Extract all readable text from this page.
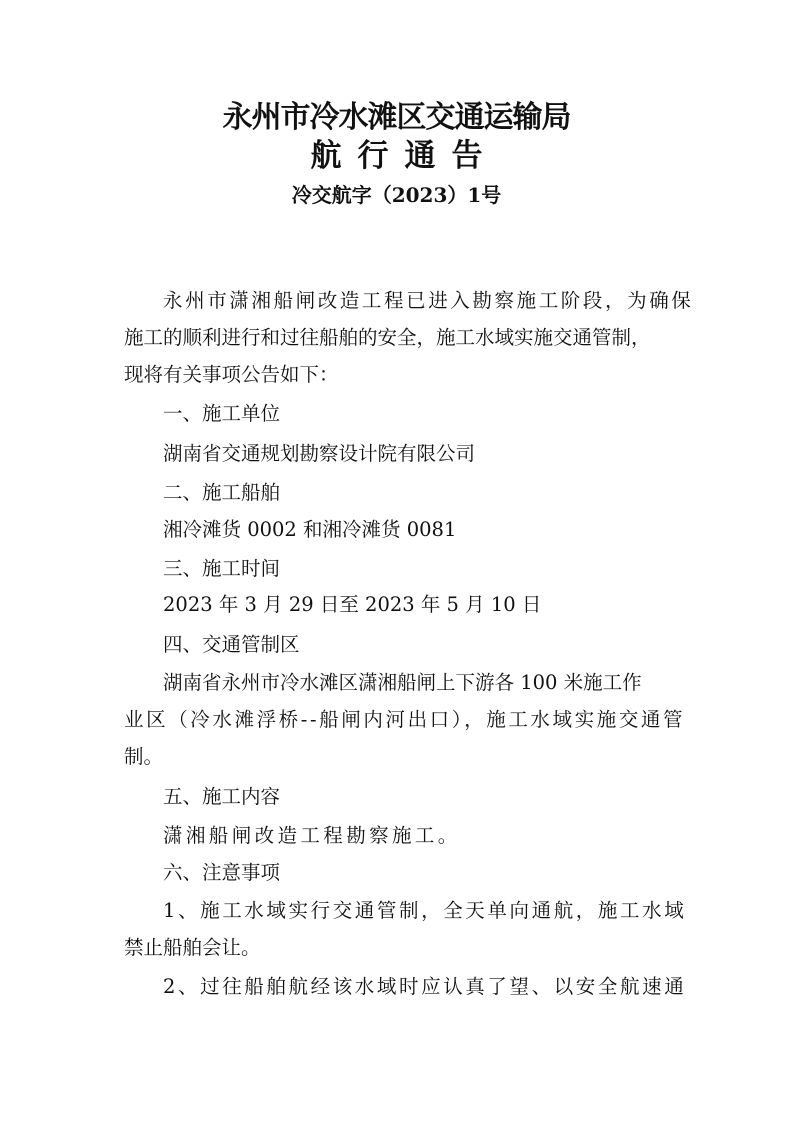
永州市冷水滩区交通运输局
航行通告
冷交航字（2023）1号
永州市潇湘船闸改造工程已进入勘察施工阶段，为确保
施工的顺利进行和过往船舶的安全，施工水域实施交通管制，
现将有关事项公告如下：
一、施工单位
湖南省交通规划勘察设计院有限公司
二、施工船舶
湘冷滩货 0002 和湘冷滩货 0081
三、施工时间
2023 年 3 月 29 日至 2023 年 5 月 10 日
四、交通管制区
湖南省永州市冷水滩区潇湘船闸上下游各 100 米施工作
业区（冷水滩浮桥--船闸内河出口），施工水域实施交通管
制。
五、施工内容
潇湘船闸改造工程勘察施工。
六、注意事项
1、施工水域实行交通管制，全天单向通航，施工水域
禁止船舶会让。
2、过往船舶航经该水域时应认真了望、以安全航速通
